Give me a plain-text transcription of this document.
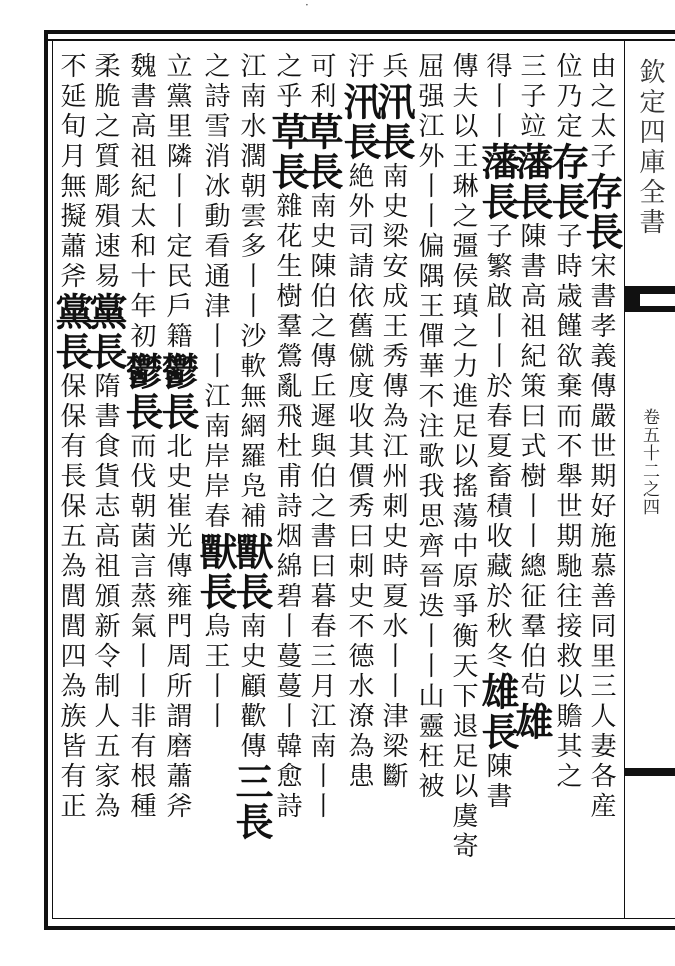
·
欽定四庫全書
卷五十二之四
由之太子存長宋書孝義傳嚴世期好施慕善同里三人妻各産
位乃定存長子時歳饉欲棄而不舉世期馳往接救以贍其之
三子竝藩長陳書高祖紀策曰式樹丨丨總征羣伯茍雄
得丨丨藩長子繁啟丨丨於春夏畜積收藏於秋冬雄長陳書
傳夫以王琳之彊侯瑱之力進足以搖蕩中原爭衡天下退足以虞寄
屈强江外丨丨偏隅王僤華不注歌我思齊晉迭丨丨山靈枉被
兵汛長南史梁安成王秀傳為江州刺史時夏水丨丨津梁斷
汙汛長絶外司請依舊僦度收其價秀曰刺史不德水潦為患
可利草長南史陳伯之傳丘遲與伯之書曰暮春三月江南丨丨
之乎草長雜花生樹羣鶯亂飛杜甫詩烟綿碧丨蔓蔓丨韓愈詩
江南水濶朝雲多丨丨沙軟無網羅凫補獸長南史顧歡傳三長
之詩雪消冰動看通津丨丨江南岸岸春獸長烏王丨丨
立黨里隣丨丨定民戶籍鬱長北史崔光傳雍門周所謂磨蕭斧
魏書高祖紀太和十年初鬱長而伐朝菌言蒸氣丨丨非有根種
柔脆之質彫殞速易黨長隋書食貨志高祖頒新令制人五家為
不延旬月無擬蕭斧黨長保保有長保五為閭閭四為族皆有正
